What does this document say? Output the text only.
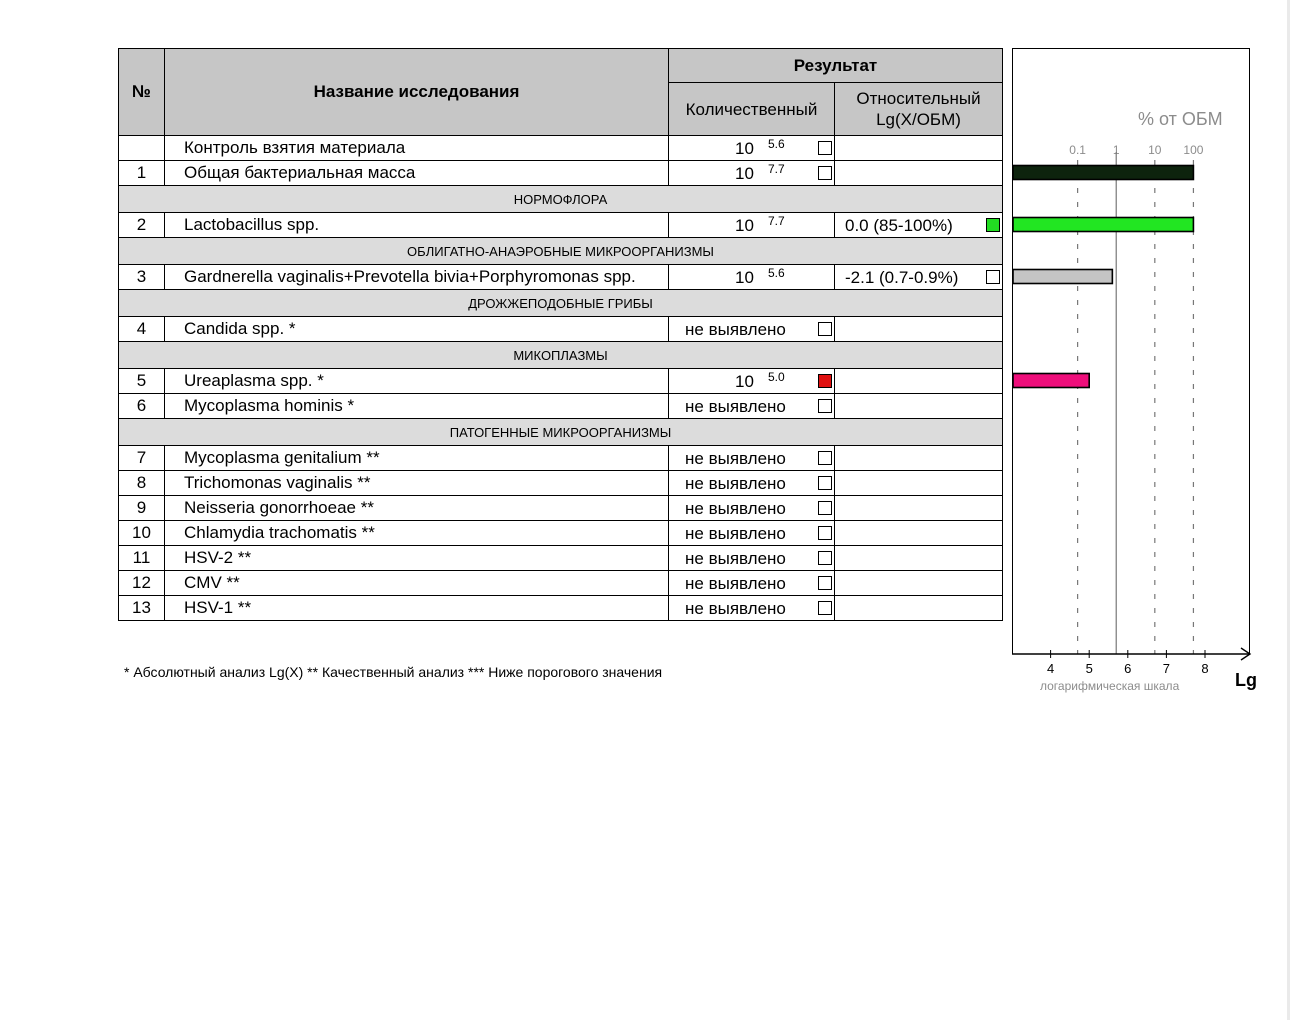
№	Название исследования	Результат	
		Количественный	Относительный
Lg(X/ОБМ)

	Контроль взятия материала	10 5.6	

1	Общая бактериальная масса	10 7.7	

НОРМОФЛОРА			
2	Lactobacillus spp.	10 7.7	0.0 (85-100%)

ОБЛИГАТНО-АНАЭРОБНЫЕ МИКРООРГАНИЗМЫ			
3	Gardnerella vaginalis+Prevotella bivia+Porphyromonas spp.	10 5.6	-2.1 (0.7-0.9%)

ДРОЖЖЕПОДОБНЫЕ ГРИБЫ			
4	Candida spp. *	не выявлено	

МИКОПЛАЗМЫ			
5	Ureaplasma spp. *	10 5.0	

6	Mycoplasma hominis *	не выявлено	

ПАТОГЕННЫЕ МИКРООРГАНИЗМЫ			
7	Mycoplasma genitalium **	не выявлено	

8	Trichomonas vaginalis **	не выявлено	

9	Neisseria gonorrhoeae **	не выявлено	

10	Chlamydia trachomatis **	не выявлено	

11	HSV-2 **	не выявлено	

12	CMV **	не выявлено	

13	HSV-1 **	не выявлено	

* Абсолютный анализ Lg(X) ** Качественный анализ *** Ниже порогового значения
% от ОБМ
0.1 1 10 100
4 5 6 7 8
логарифмическая шкала	Lg
